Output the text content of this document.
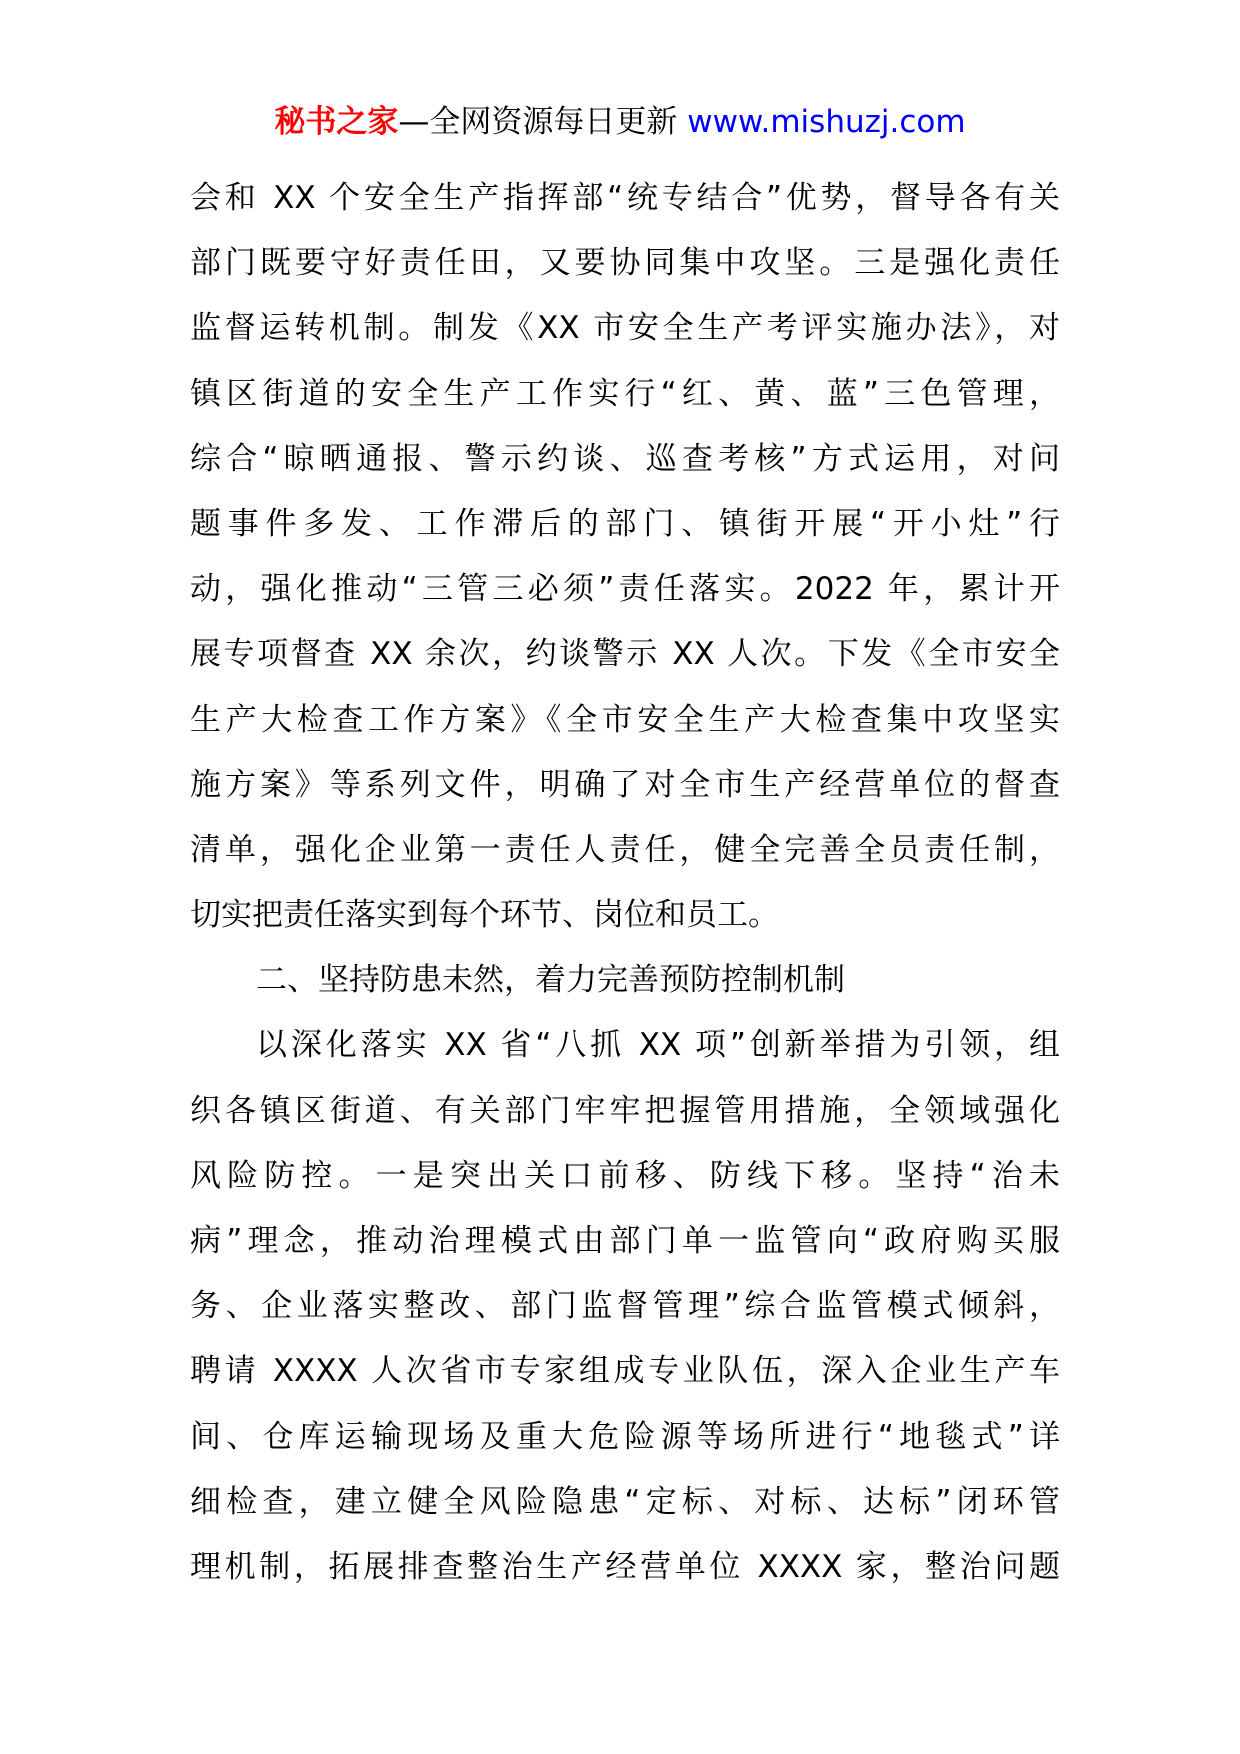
秘书之家—全网资源每日更新 www.mishuzj.com
会和 XX 个安全生产指挥部“统专结合”优势，督导各有关
部门既要守好责任田，又要协同集中攻坚。三是强化责任
监督运转机制。制发《XX 市安全生产考评实施办法》，对
镇区街道的安全生产工作实行“红、黄、蓝”三色管理，
综合“晾晒通报、警示约谈、巡查考核”方式运用，对问
题事件多发、工作滞后的部门、镇街开展“开小灶”行
动，强化推动“三管三必须”责任落实。2022 年，累计开
展专项督查 XX 余次，约谈警示 XX 人次。下发《全市安全
生产大检查工作方案》《全市安全生产大检查集中攻坚实
施方案》等系列文件，明确了对全市生产经营单位的督查
清单，强化企业第一责任人责任，健全完善全员责任制，
切实把责任落实到每个环节、岗位和员工。
二、坚持防患未然，着力完善预防控制机制
以深化落实 XX 省“八抓 XX 项”创新举措为引领，组
织各镇区街道、有关部门牢牢把握管用措施，全领域强化
风险防控。一是突出关口前移、防线下移。坚持“治未
病”理念，推动治理模式由部门单一监管向“政府购买服
务、企业落实整改、部门监督管理”综合监管模式倾斜，
聘请 XXXX 人次省市专家组成专业队伍，深入企业生产车
间、仓库运输现场及重大危险源等场所进行“地毯式”详
细检查，建立健全风险隐患“定标、对标、达标”闭环管
理机制，拓展排查整治生产经营单位 XXXX 家，整治问题
